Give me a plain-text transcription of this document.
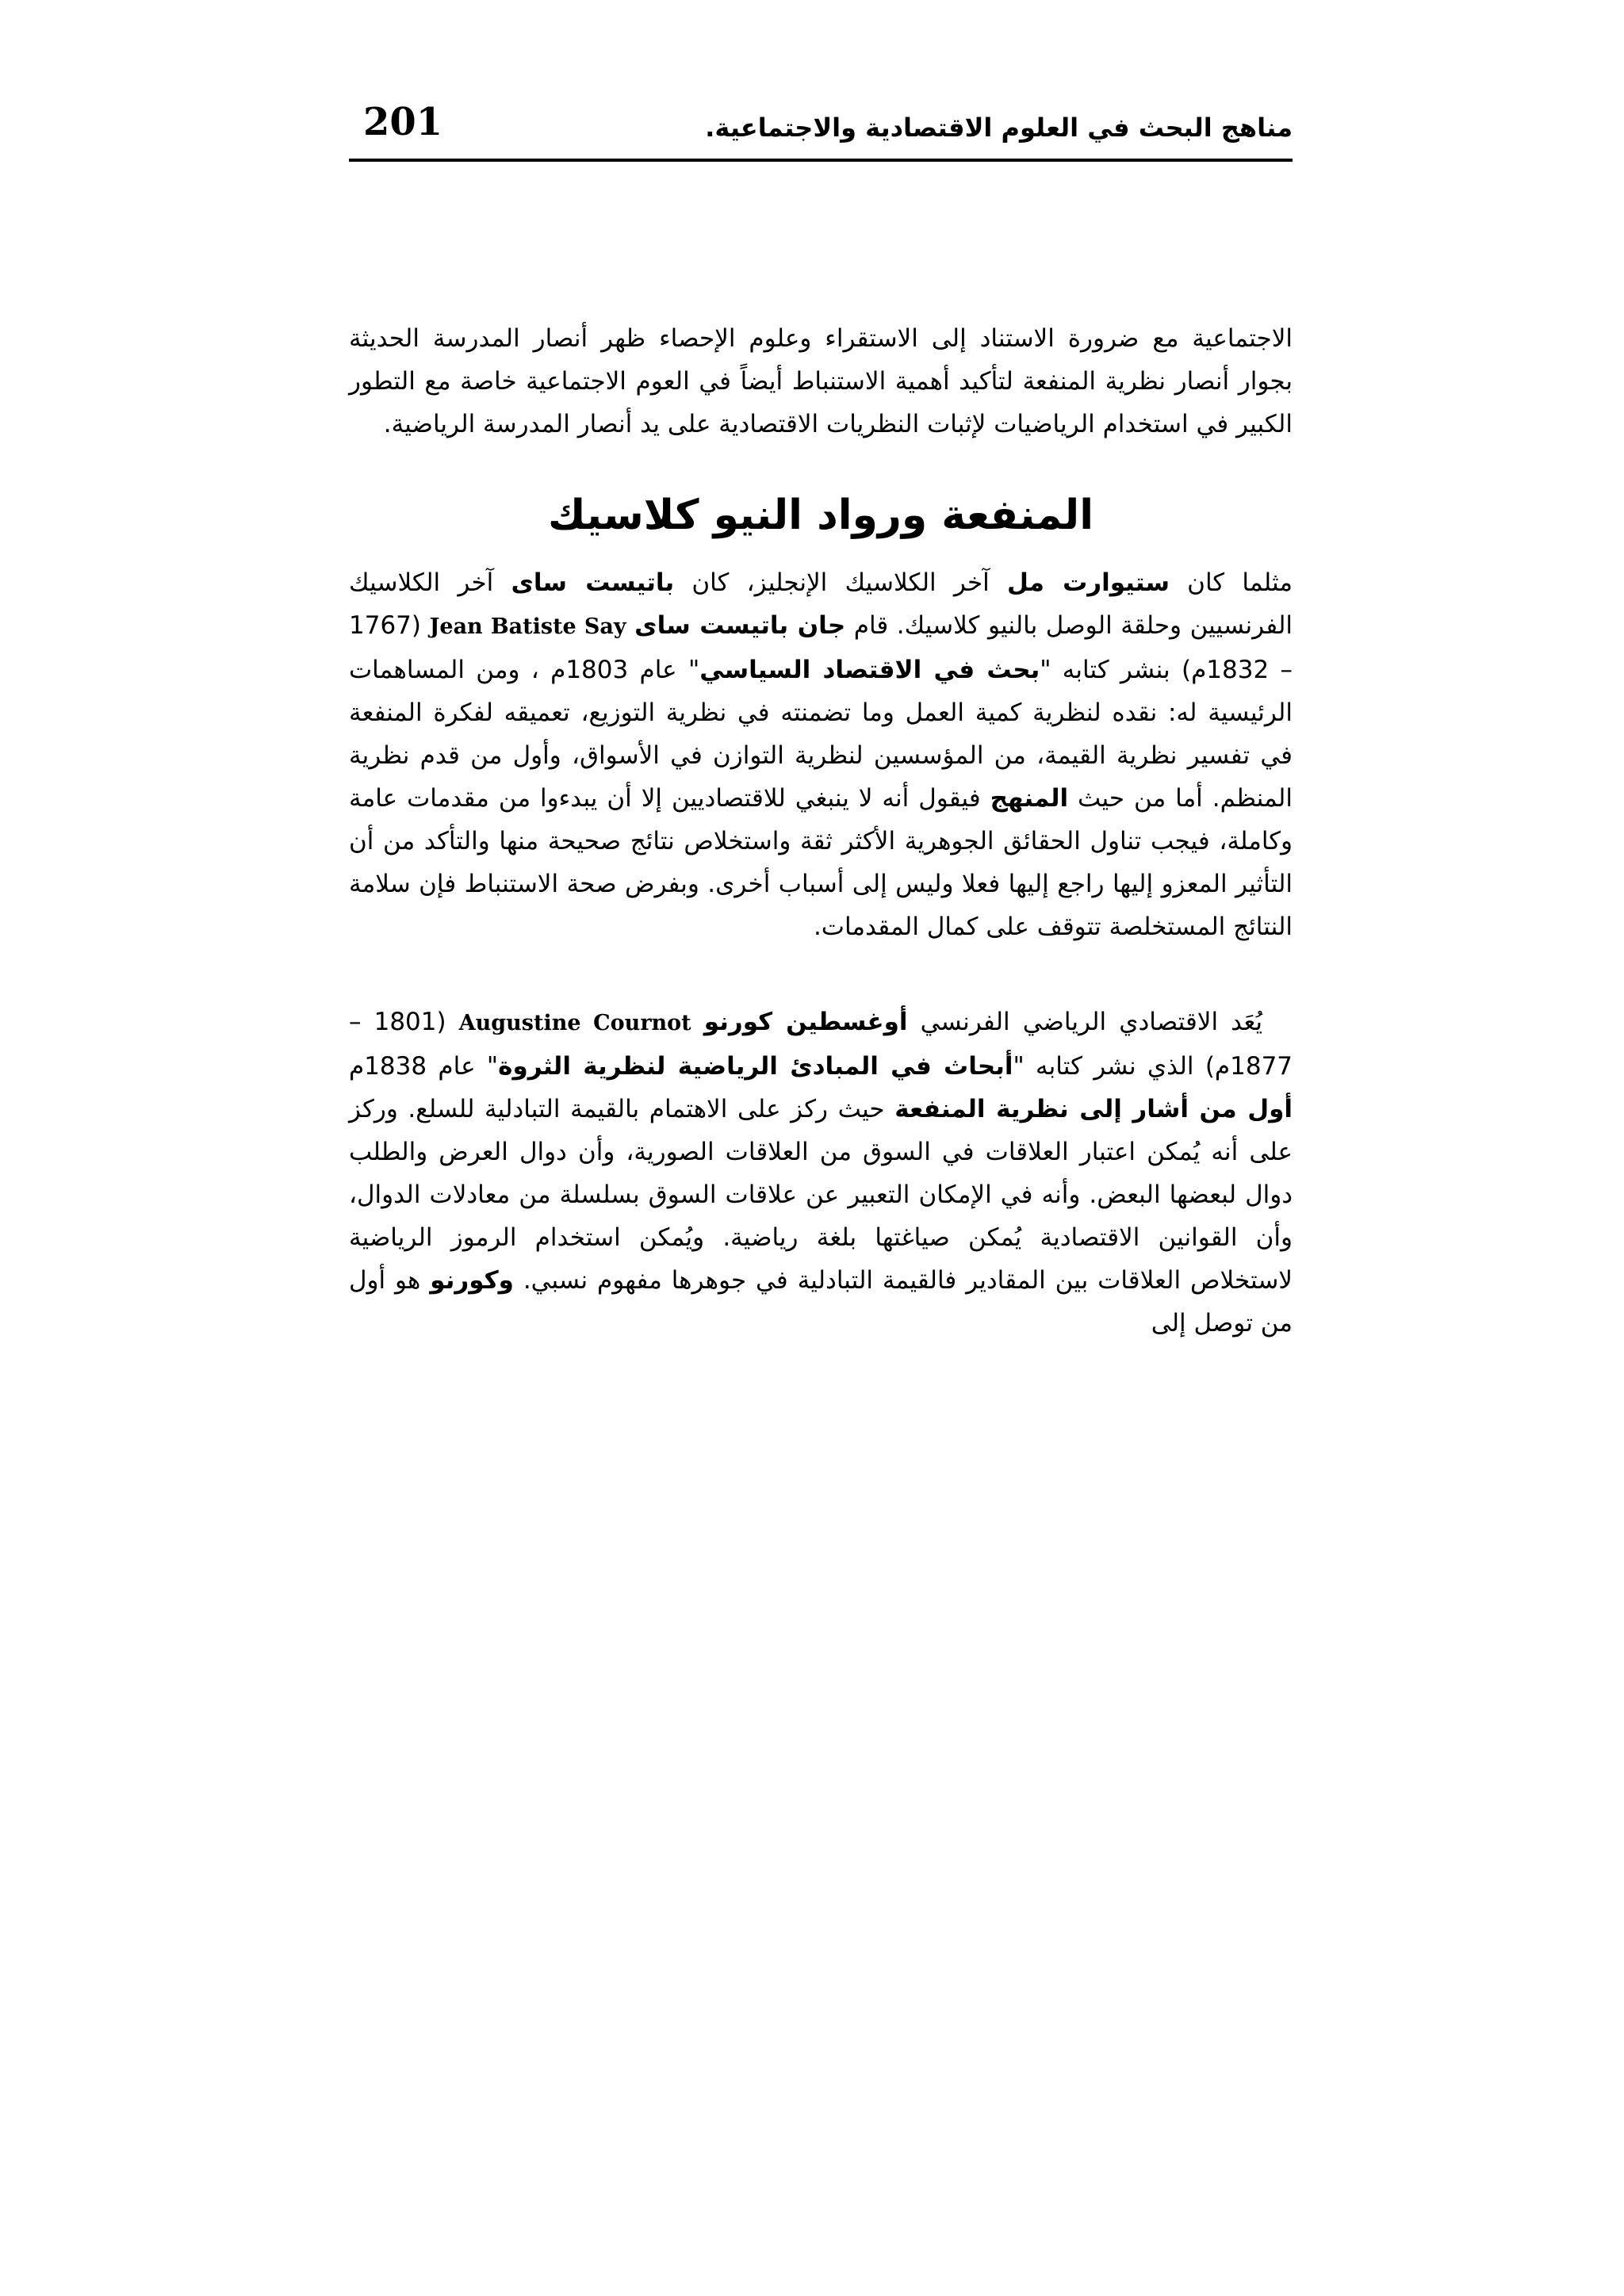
201	مناهج البحث في العلوم الاقتصادية والاجتماعية.

الاجتماعية مع ضرورة الاستناد إلى الاستقراء وعلوم الإحصاء ظهر أنصار المدرسة الحديثة بجوار أنصار نظرية المنفعة لتأكيد أهمية الاستنباط أيضاً في العوم الاجتماعية خاصة مع التطور الكبير في استخدام الرياضيات لإثبات النظريات الاقتصادية على يد أنصار المدرسة الرياضية.

المنفعة ورواد النيو كلاسيك

مثلما كان ستيوارت مل آخر الكلاسيك الإنجليز، كان باتيست ساى آخر الكلاسيك الفرنسيين وحلقة الوصل بالنيو كلاسيك. قام جان باتيست ساى Jean Batiste Say (1767 – 1832م) بنشر كتابه "بحث في الاقتصاد السياسي" عام 1803م ، ومن المساهمات الرئيسية له: نقده لنظرية كمية العمل وما تضمنته في نظرية التوزيع، تعميقه لفكرة المنفعة في تفسير نظرية القيمة، من المؤسسين لنظرية التوازن في الأسواق، وأول من قدم نظرية المنظم. أما من حيث المنهج فيقول أنه لا ينبغي للاقتصاديين إلا أن يبدءوا من مقدمات عامة وكاملة، فيجب تناول الحقائق الجوهرية الأكثر ثقة واستخلاص نتائج صحيحة منها والتأكد من أن التأثير المعزو إليها راجع إليها فعلا وليس إلى أسباب أخرى. وبفرض صحة الاستنباط فإن سلامة النتائج المستخلصة تتوقف على كمال المقدمات.

يُعَد الاقتصادي الرياضي الفرنسي أوغسطين كورنو Augustine Cournot (1801 – 1877م) الذي نشر كتابه "أبحاث في المبادئ الرياضية لنظرية الثروة" عام 1838م أول من أشار إلى نظرية المنفعة حيث ركز على الاهتمام بالقيمة التبادلية للسلع. وركز على أنه يُمكن اعتبار العلاقات في السوق من العلاقات الصورية، وأن دوال العرض والطلب دوال لبعضها البعض. وأنه في الإمكان التعبير عن علاقات السوق بسلسلة من معادلات الدوال، وأن القوانين الاقتصادية يُمكن صياغتها بلغة رياضية. ويُمكن استخدام الرموز الرياضية لاستخلاص العلاقات بين المقادير فالقيمة التبادلية في جوهرها مفهوم نسبي. وكورنو هو أول من توصل إلى
